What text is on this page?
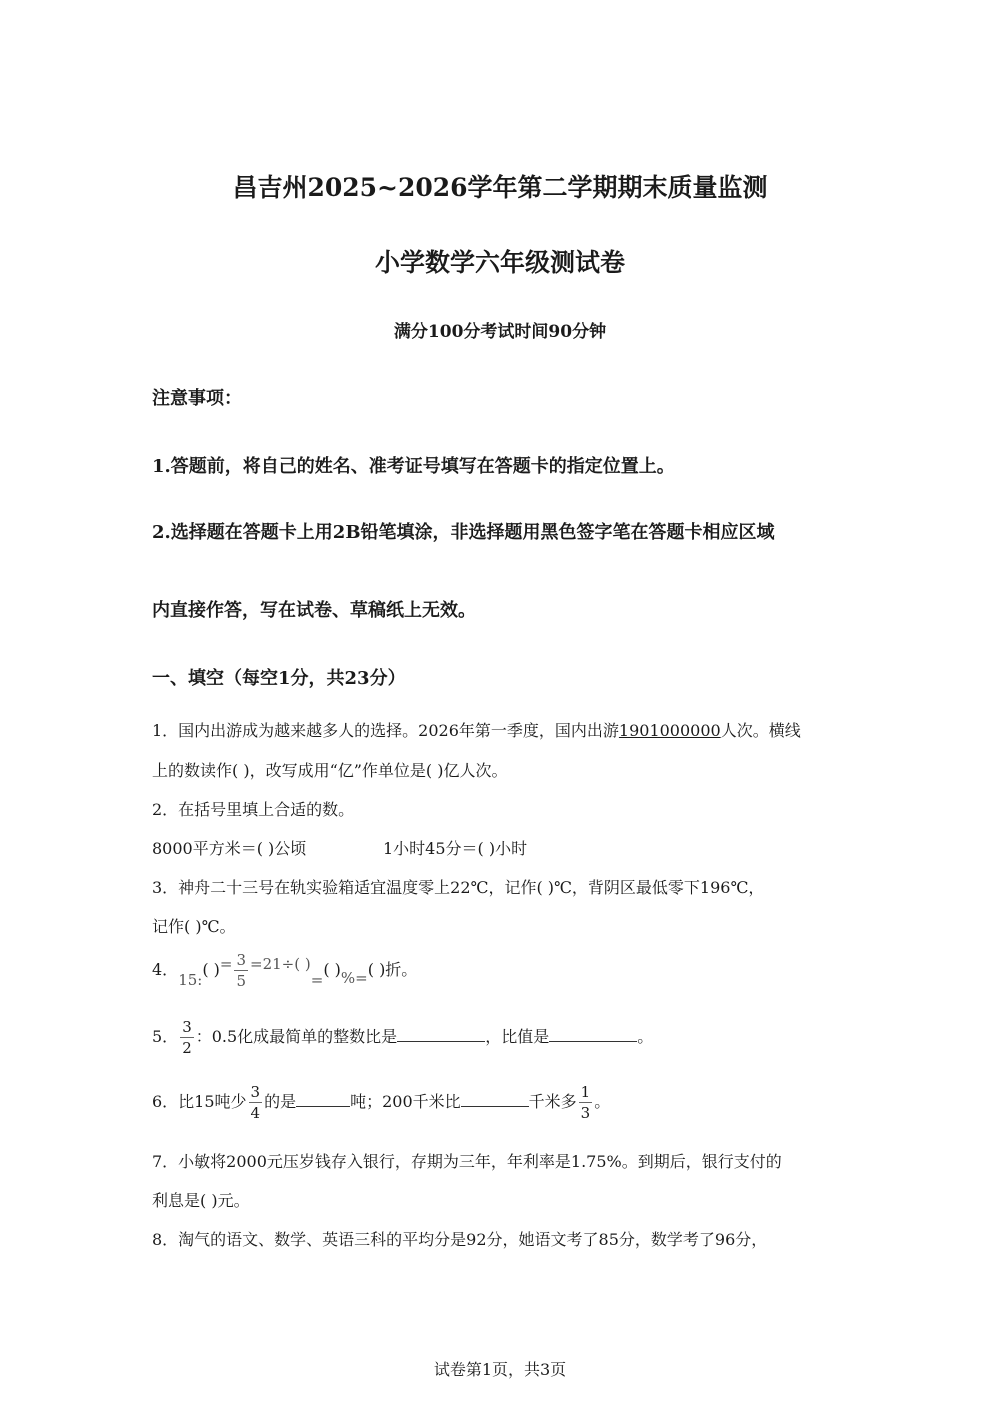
昌吉州2025~2026学年第二学期期末质量监测
小学数学六年级测试卷
满分100分考试时间90分钟
注意事项：
1.答题前，将自己的姓名、准考证号填写在答题卡的指定位置上。
2.选择题在答题卡上用2B铅笔填涂，非选择题用黑色签字笔在答题卡相应区域
内直接作答，写在试卷、草稿纸上无效。
一、填空（每空1分，共23分）
1．国内出游成为越来越多人的选择。2026年第一季度，国内出游1901000000人次。横线
上的数读作( )，改写成用“亿”作单位是( )亿人次。
2．在括号里填上合适的数。
8000平方米＝( )公顷	1小时45分＝( )小时
3．神舟二十三号在轨实验箱适宜温度零上22℃，记作( )℃，背阴区最低零下196℃，
记作( )℃。
4．15:( )= $\frac{3}{5} =21\div$( )=( )%=( )折。
5． $\frac{3}{2}$ ：0.5化成最简单的整数比是	，比值是	。
6．比15吨少 $\frac{3}{4}$ 的是	吨；200千米比	千米多 $\frac{1}{3}$ 。
7．小敏将2000元压岁钱存入银行，存期为三年，年利率是1.75%。到期后，银行支付的
利息是( )元。
8．淘气的语文、数学、英语三科的平均分是92分，她语文考了85分，数学考了96分，
试卷第1页，共3页
